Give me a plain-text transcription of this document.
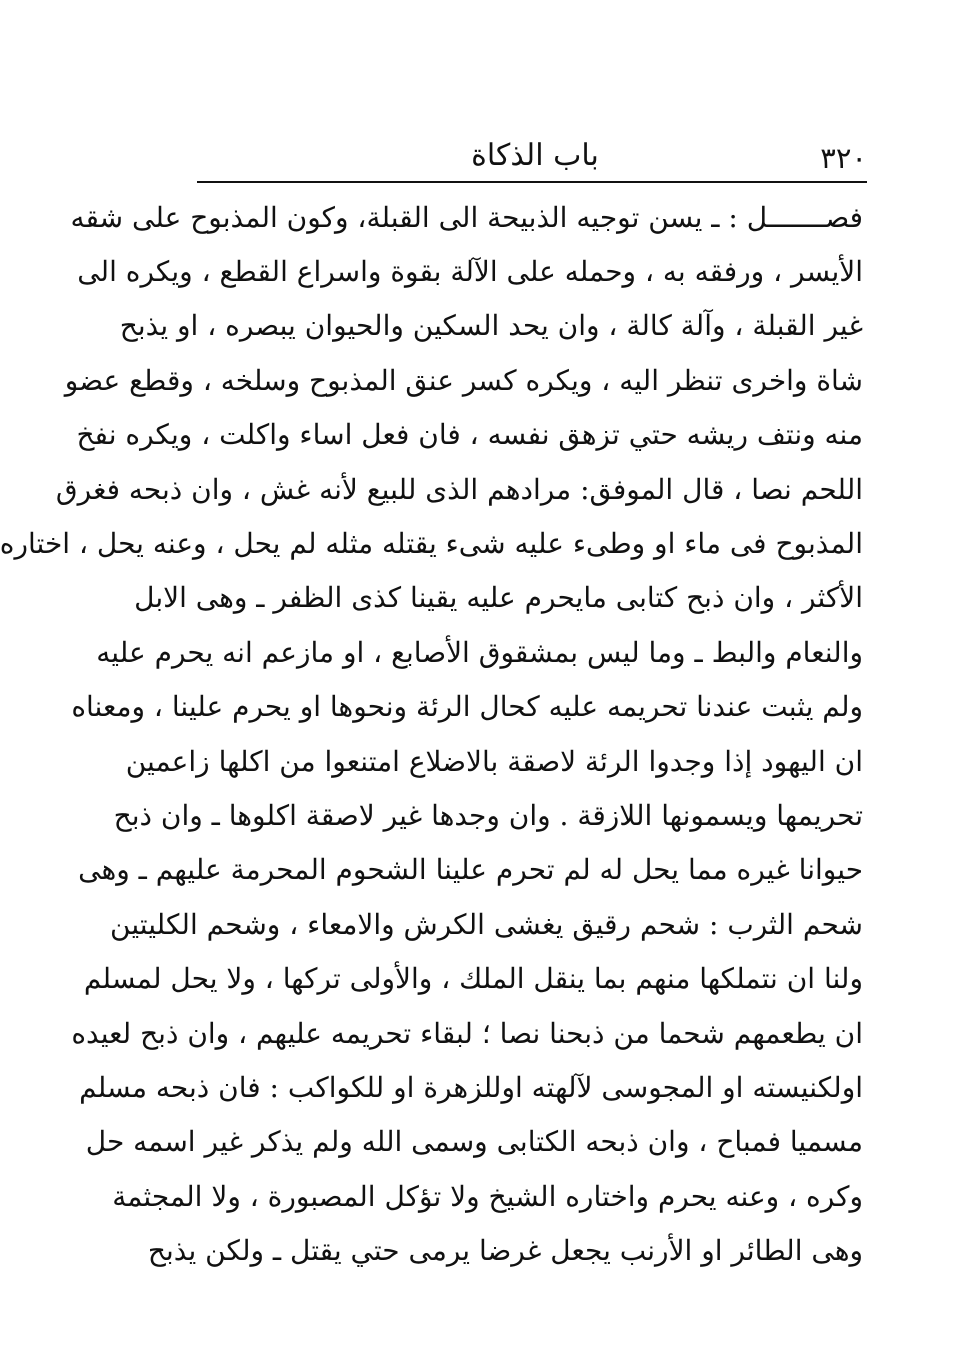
٣٢٠
باب الذكاة
فصـــــــل : ـ يسن توجيه الذبيحة الى القبلة، وكون المذبوح على شقه
الأيسر ، ورفقه به ، وحمله على الآلة بقوة واسراع القطع ، ويكره الى
غير القبلة ، وآلة كالة ، وان يحد السكين والحيوان يبصره ، او يذبح
شاة واخرى تنظر اليه ، ويكره كسر عنق المذبوح وسلخه ، وقطع عضو
منه ونتف ريشه حتي تزهق نفسه ، فان فعل اساء واكلت ، ويكره نفخ
اللحم نصا ، قال الموفق: مرادهم الذى للبيع لأنه غش ، وان ذبحه فغرق
المذبوح فى ماء او وطىء عليه شىء يقتله مثله لم يحل ، وعنه يحل ، اختاره
الأكثر ، وان ذبح كتابى مايحرم عليه يقينا كذى الظفر ـ وهى الابل
والنعام والبط ـ وما ليس بمشقوق الأصابع ، او مازعم انه يحرم عليه
ولم يثبت عندنا تحريمه عليه كحال الرئة ونحوها او يحرم علينا ، ومعناه
ان اليهود إذا وجدوا الرئة لاصقة بالاضلاع امتنعوا من اكلها زاعمين
تحريمها ويسمونها اللازقة . وان وجدها غير لاصقة اكلوها ـ وان ذبح
حيوانا غيره مما يحل له لم تحرم علينا الشحوم المحرمة عليهم ـ وهى
شحم الثرب : شحم رقيق يغشى الكرش والامعاء ، وشحم الكليتين
ولنا ان نتملكها منهم بما ينقل الملك ، والأولى تركها ، ولا يحل لمسلم
ان يطعمهم شحما من ذبحنا نصا ؛ لبقاء تحريمه عليهم ، وان ذبح لعيده
اولكنيسته او المجوسى لآلهته اوللزهرة او للكواكب : فان ذبحه مسلم
مسميا فمباح ، وان ذبحه الكتابى وسمى الله ولم يذكر غير اسمه حل
وكره ، وعنه يحرم واختاره الشيخ ولا تؤكل المصبورة ، ولا المجثمة
وهى الطائر او الأرنب يجعل غرضا يرمى حتي يقتل ـ ولكن يذبح
